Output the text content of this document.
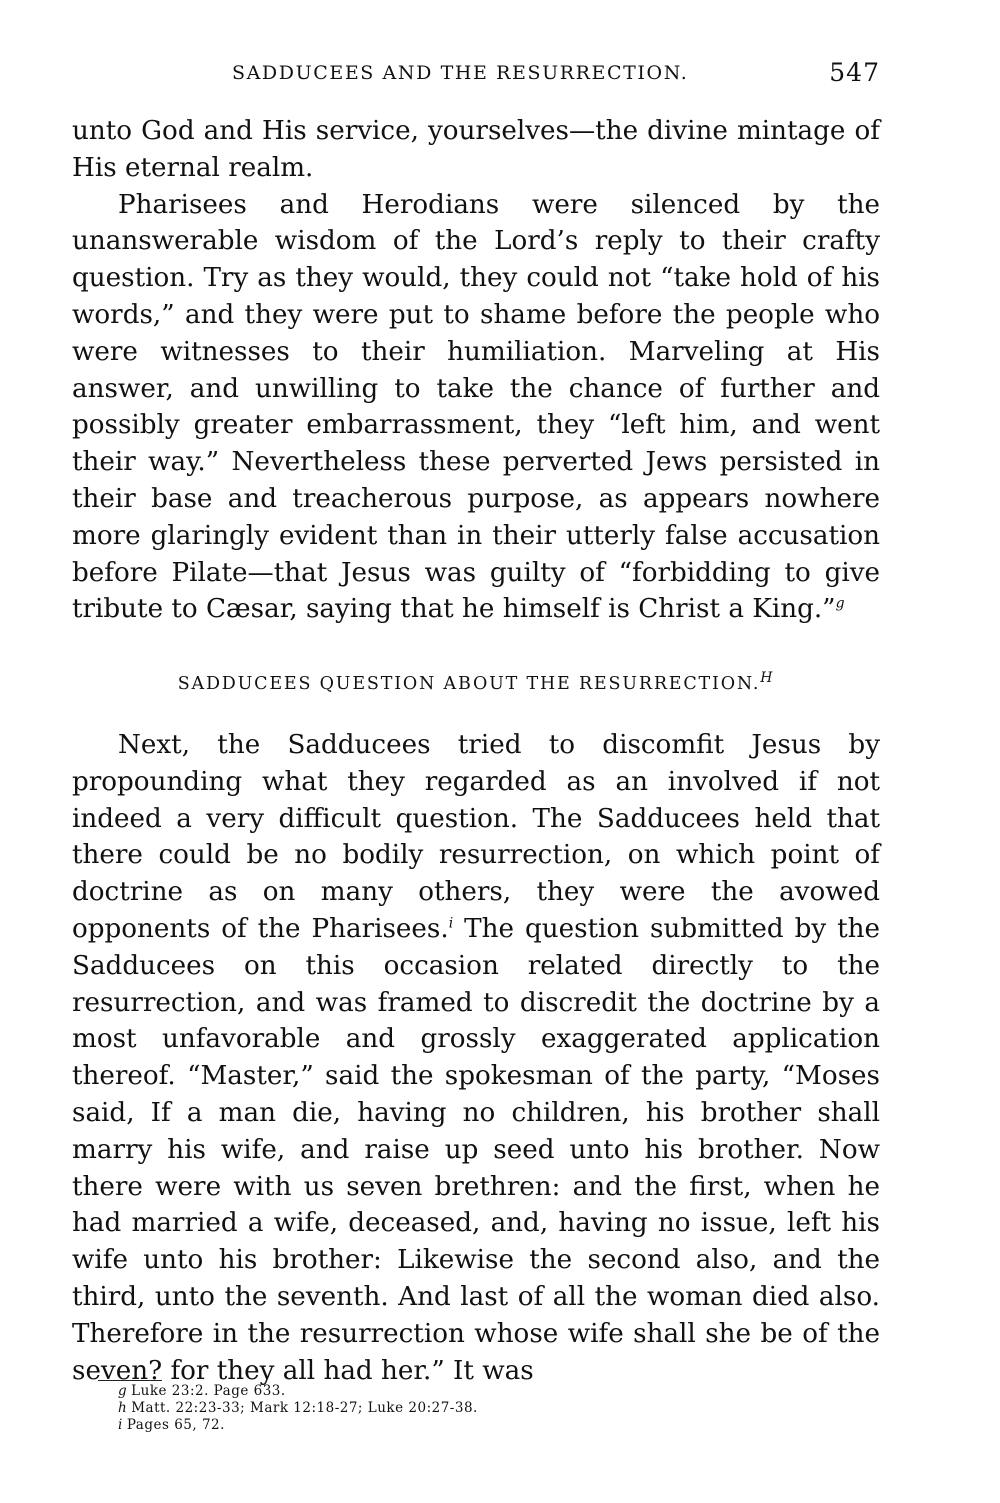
SADDUCEES AND THE RESURRECTION.	547

unto God and His service, yourselves—the divine mintage of His eternal realm.

Pharisees and Herodians were silenced by the unanswerable wisdom of the Lord’s reply to their crafty question. Try as they would, they could not “take hold of his words,” and they were put to shame before the people who were witnesses to their humiliation. Marveling at His answer, and unwilling to take the chance of further and possibly greater embarrassment, they “left him, and went their way.” Nevertheless these perverted Jews persisted in their base and treacherous purpose, as appears nowhere more glaringly evident than in their utterly false accusation before Pilate—that Jesus was guilty of “forbidding to give tribute to Cæsar, saying that he himself is Christ a King.”$^g$

SADDUCEES QUESTION ABOUT THE RESURRECTION.$^H$

Next, the Sadducees tried to discomfit Jesus by propounding what they regarded as an involved if not indeed a very difficult question. The Sadducees held that there could be no bodily resurrection, on which point of doctrine as on many others, they were the avowed opponents of the Pharisees.$^i$ The question submitted by the Sadducees on this occasion related directly to the resurrection, and was framed to discredit the doctrine by a most unfavorable and grossly exaggerated application thereof. “Master,” said the spokesman of the party, “Moses said, If a man die, having no children, his brother shall marry his wife, and raise up seed unto his brother. Now there were with us seven brethren: and the first, when he had married a wife, deceased, and, having no issue, left his wife unto his brother: Likewise the second also, and the third, unto the seventh. And last of all the woman died also. Therefore in the resurrection whose wife shall she be of the seven? for they all had her.” It was

g Luke 23:2. Page 633.

h Matt. 22:23-33; Mark 12:18-27; Luke 20:27-38.

i Pages 65, 72.
